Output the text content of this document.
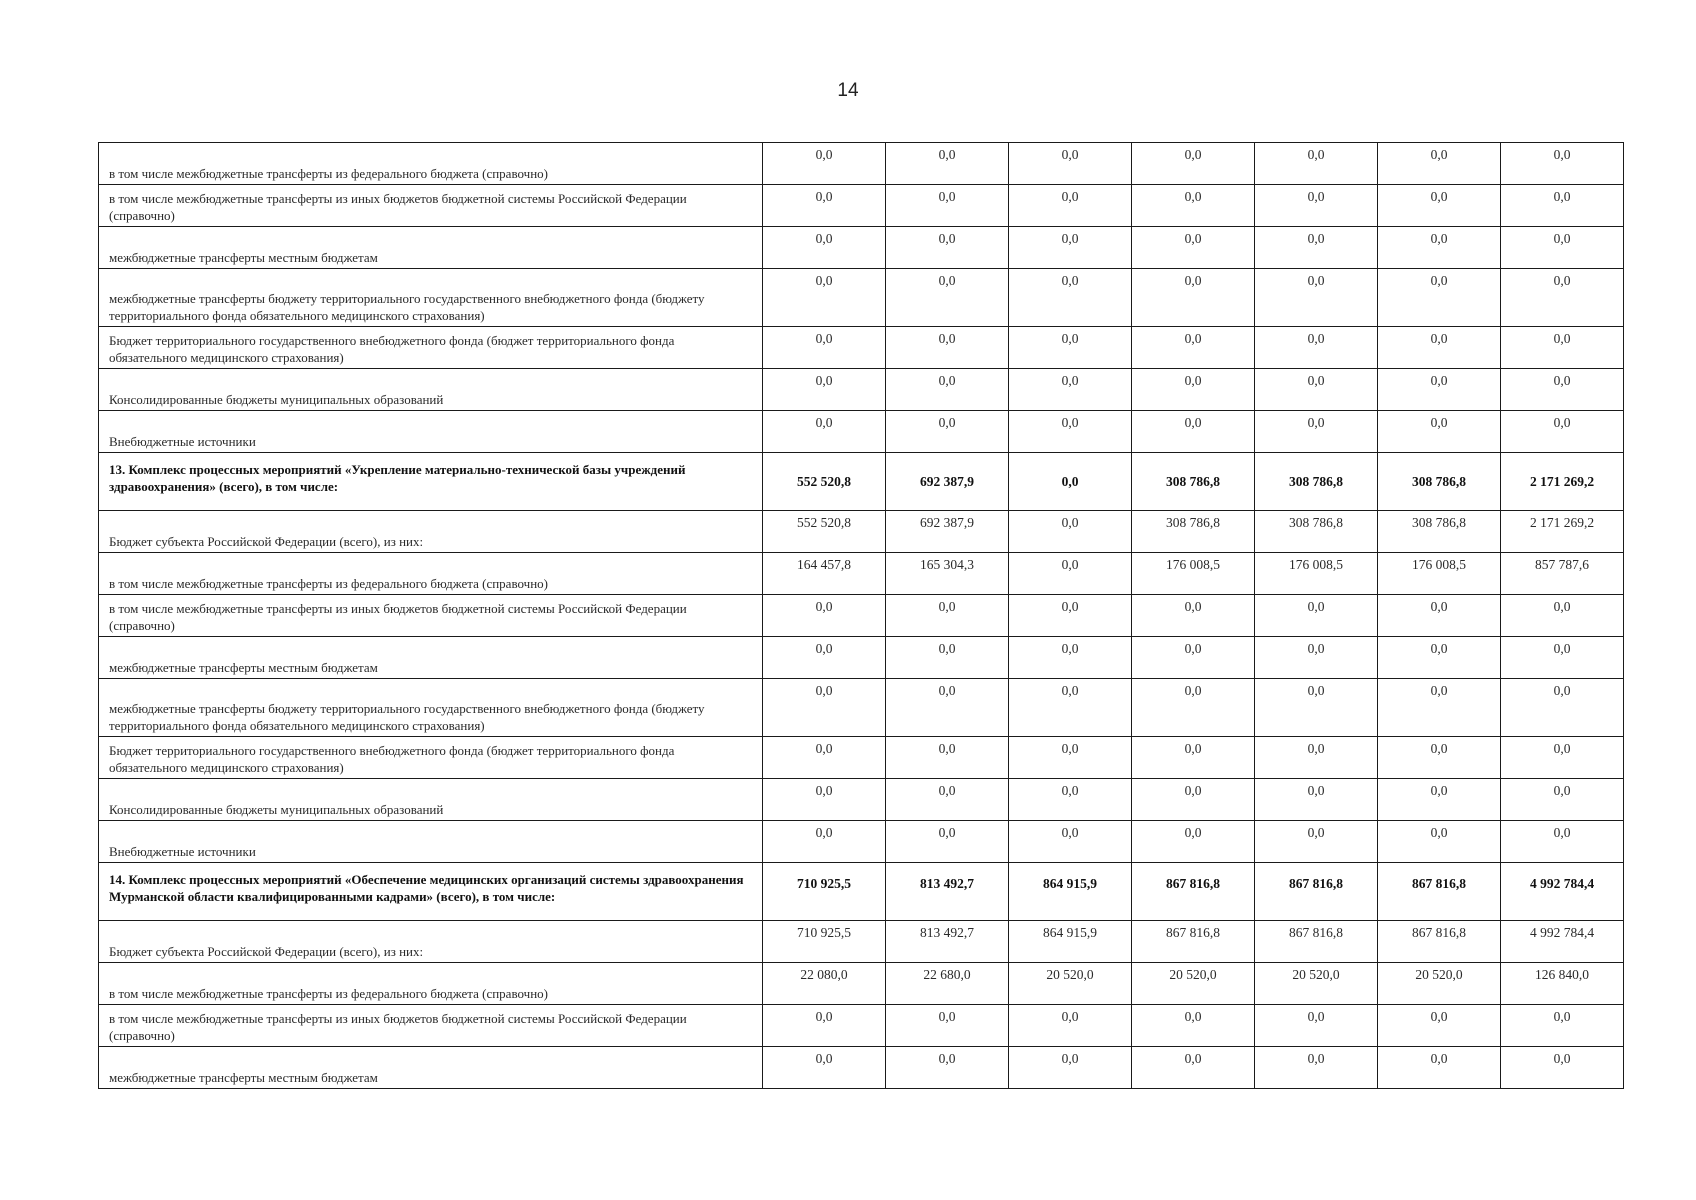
14
в том числе межбюджетные трансферты из федерального бюджета (справочно)	0,0	0,0	0,0	0,0	0,0	0,0	0,0
в том числе межбюджетные трансферты из иных бюджетов бюджетной системы Российской Федерации (справочно)	0,0	0,0	0,0	0,0	0,0	0,0	0,0
межбюджетные трансферты местным бюджетам	0,0	0,0	0,0	0,0	0,0	0,0	0,0
межбюджетные трансферты бюджету территориального государственного внебюджетного фонда (бюджету территориального фонда обязательного медицинского страхования)	0,0	0,0	0,0	0,0	0,0	0,0	0,0
Бюджет территориального государственного внебюджетного фонда (бюджет территориального фонда обязательного медицинского страхования)	0,0	0,0	0,0	0,0	0,0	0,0	0,0
Консолидированные бюджеты муниципальных образований	0,0	0,0	0,0	0,0	0,0	0,0	0,0
Внебюджетные источники	0,0	0,0	0,0	0,0	0,0	0,0	0,0
13. Комплекс процессных мероприятий «Укрепление материально-технической базы учреждений здравоохранения» (всего), в том числе:	552 520,8	692 387,9	0,0	308 786,8	308 786,8	308 786,8	2 171 269,2
Бюджет субъекта Российской Федерации (всего), из них:	552 520,8	692 387,9	0,0	308 786,8	308 786,8	308 786,8	2 171 269,2
в том числе межбюджетные трансферты из федерального бюджета (справочно)	164 457,8	165 304,3	0,0	176 008,5	176 008,5	176 008,5	857 787,6
в том числе межбюджетные трансферты из иных бюджетов бюджетной системы Российской Федерации (справочно)	0,0	0,0	0,0	0,0	0,0	0,0	0,0
межбюджетные трансферты местным бюджетам	0,0	0,0	0,0	0,0	0,0	0,0	0,0
межбюджетные трансферты бюджету территориального государственного внебюджетного фонда (бюджету территориального фонда обязательного медицинского страхования)	0,0	0,0	0,0	0,0	0,0	0,0	0,0
Бюджет территориального государственного внебюджетного фонда (бюджет территориального фонда обязательного медицинского страхования)	0,0	0,0	0,0	0,0	0,0	0,0	0,0
Консолидированные бюджеты муниципальных образований	0,0	0,0	0,0	0,0	0,0	0,0	0,0
Внебюджетные источники	0,0	0,0	0,0	0,0	0,0	0,0	0,0
14. Комплекс процессных мероприятий «Обеспечение медицинских организаций системы здравоохранения Мурманской области квалифицированными кадрами» (всего), в том числе:	710 925,5	813 492,7	864 915,9	867 816,8	867 816,8	867 816,8	4 992 784,4
Бюджет субъекта Российской Федерации (всего), из них:	710 925,5	813 492,7	864 915,9	867 816,8	867 816,8	867 816,8	4 992 784,4
в том числе межбюджетные трансферты из федерального бюджета (справочно)	22 080,0	22 680,0	20 520,0	20 520,0	20 520,0	20 520,0	126 840,0
в том числе межбюджетные трансферты из иных бюджетов бюджетной системы Российской Федерации (справочно)	0,0	0,0	0,0	0,0	0,0	0,0	0,0
межбюджетные трансферты местным бюджетам	0,0	0,0	0,0	0,0	0,0	0,0	0,0
